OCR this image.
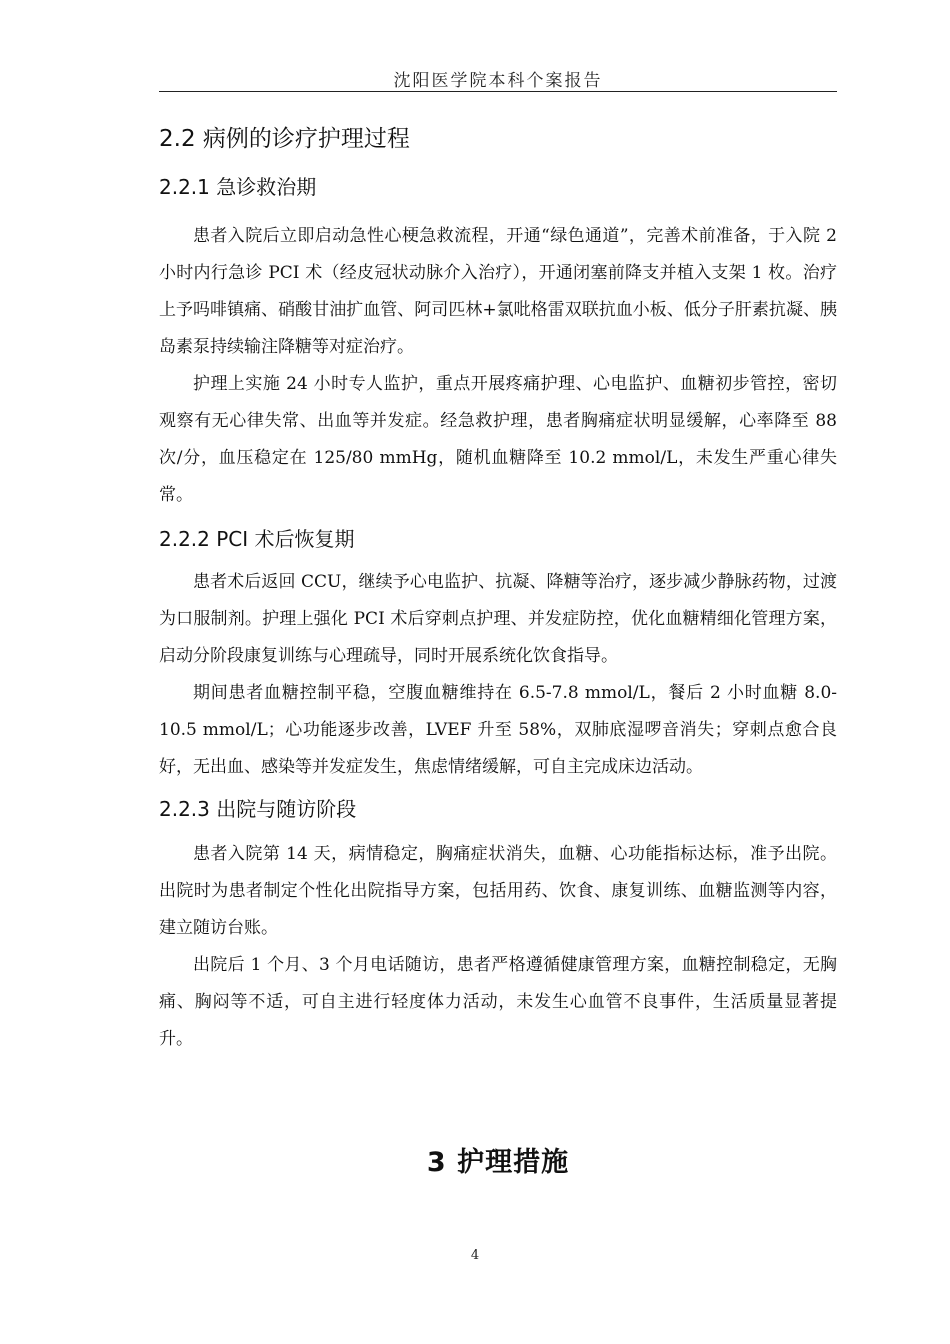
沈阳医学院本科个案报告
2.2 病例的诊疗护理过程
2.2.1 急诊救治期

患者入院后立即启动急性心梗急救流程，开通“绿色通道”，完善术前准备，于入院 2 小时内行急诊 PCI 术（经皮冠状动脉介入治疗），开通闭塞前降支并植入支架 1 枚。治疗上予吗啡镇痛、硝酸甘油扩血管、阿司匹林+氯吡格雷双联抗血小板、低分子肝素抗凝、胰岛素泵持续输注降糖等对症治疗。

护理上实施 24 小时专人监护，重点开展疼痛护理、心电监护、血糖初步管控，密切观察有无心律失常、出血等并发症。经急救护理，患者胸痛症状明显缓解，心率降至 88 次/分，血压稳定在 125/80 mmHg，随机血糖降至 10.2 mmol/L，未发生严重心律失常。

2.2.2 PCI 术后恢复期

患者术后返回 CCU，继续予心电监护、抗凝、降糖等治疗，逐步减少静脉药物，过渡为口服制剂。护理上强化 PCI 术后穿刺点护理、并发症防控，优化血糖精细化管理方案，启动分阶段康复训练与心理疏导，同时开展系统化饮食指导。

期间患者血糖控制平稳，空腹血糖维持在 6.5-7.8 mmol/L，餐后 2 小时血糖 8.0-10.5 mmol/L；心功能逐步改善，LVEF 升至 58%，双肺底湿啰音消失；穿刺点愈合良好，无出血、感染等并发症发生，焦虑情绪缓解，可自主完成床边活动。

2.2.3 出院与随访阶段

患者入院第 14 天，病情稳定，胸痛症状消失，血糖、心功能指标达标，准予出院。出院时为患者制定个性化出院指导方案，包括用药、饮食、康复训练、血糖监测等内容，建立随访台账。

出院后 1 个月、3 个月电话随访，患者严格遵循健康管理方案，血糖控制稳定，无胸痛、胸闷等不适，可自主进行轻度体力活动，未发生心血管不良事件，生活质量显著提升。

3 护理措施
4
